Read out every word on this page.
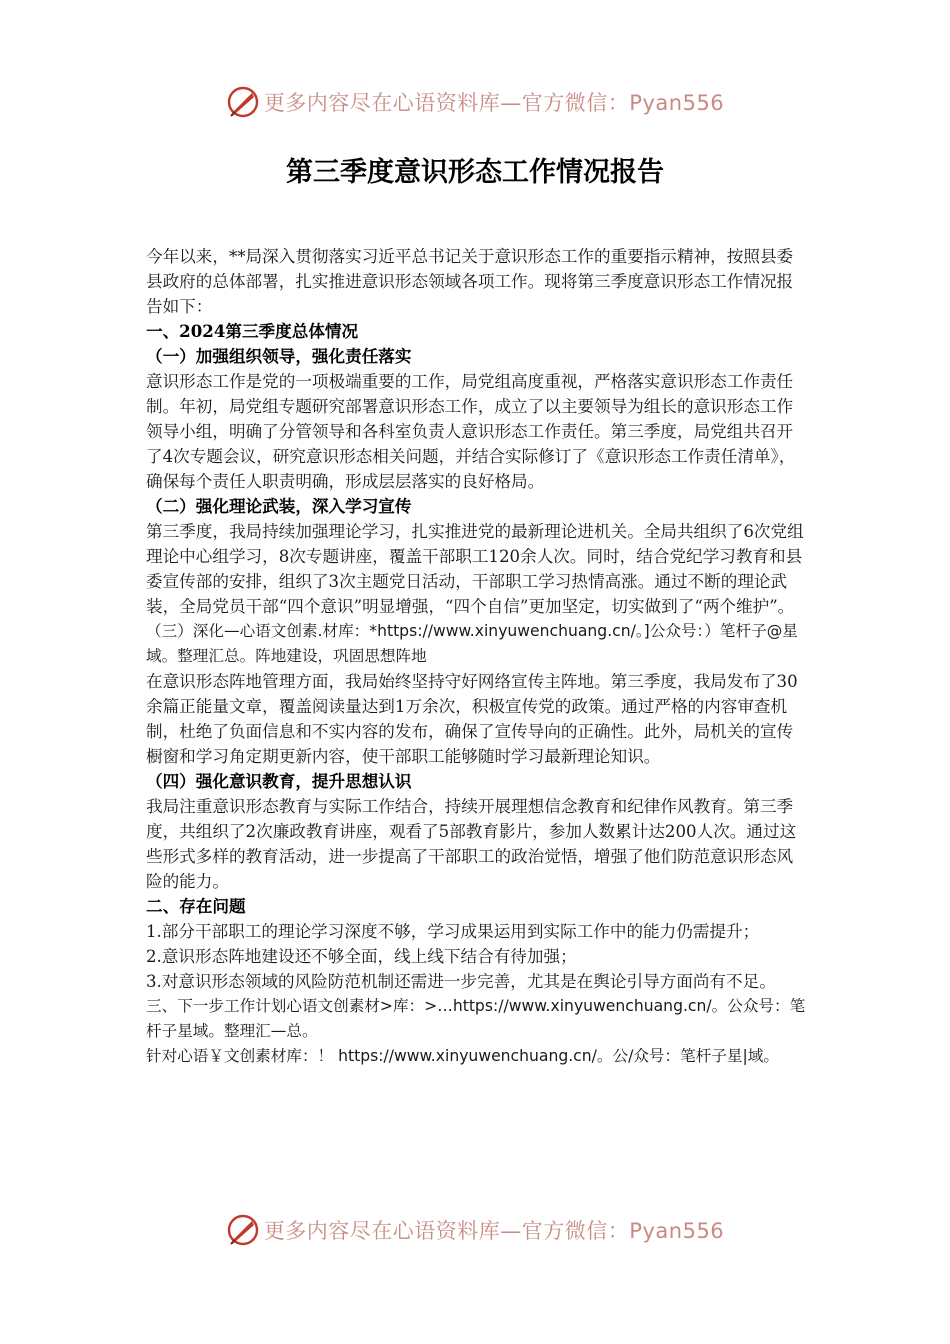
更多内容尽在心语资料库—官方微信：Pyan556
第三季度意识形态工作情况报告

今年以来，**局深入贯彻落实习近平总书记关于意识形态工作的重要指示精神，按照县委县政府的总体部署，扎实推进意识形态领域各项工作。现将第三季度意识形态工作情况报告如下：

一、2024第三季度总体情况

（一）加强组织领导，强化责任落实

意识形态工作是党的一项极端重要的工作，局党组高度重视，严格落实意识形态工作责任制。年初，局党组专题研究部署意识形态工作，成立了以主要领导为组长的意识形态工作领导小组，明确了分管领导和各科室负责人意识形态工作责任。第三季度，局党组共召开了4次专题会议，研究意识形态相关问题，并结合实际修订了《意识形态工作责任清单》，确保每个责任人职责明确，形成层层落实的良好格局。

（二）强化理论武装，深入学习宣传

第三季度，我局持续加强理论学习，扎实推进党的最新理论进机关。全局共组织了6次党组理论中心组学习，8次专题讲座，覆盖干部职工120余人次。同时，结合党纪学习教育和县委宣传部的安排，组织了3次主题党日活动，干部职工学习热情高涨。通过不断的理论武装，全局党员干部“四个意识”明显增强，“四个自信”更加坚定，切实做到了“两个维护”。

（三）深化—心语文创素.材库：*https://www.xinyuwenchuang.cn/。]公众号：）笔杆子@星域。整理汇总。阵地建设，巩固思想阵地

在意识形态阵地管理方面，我局始终坚持守好网络宣传主阵地。第三季度，我局发布了30余篇正能量文章，覆盖阅读量达到1万余次，积极宣传党的政策。通过严格的内容审查机制，杜绝了负面信息和不实内容的发布，确保了宣传导向的正确性。此外，局机关的宣传橱窗和学习角定期更新内容，使干部职工能够随时学习最新理论知识。

（四）强化意识教育，提升思想认识

我局注重意识形态教育与实际工作结合，持续开展理想信念教育和纪律作风教育。第三季度，共组织了2次廉政教育讲座，观看了5部教育影片，参加人数累计达200人次。通过这些形式多样的教育活动，进一步提高了干部职工的政治觉悟，增强了他们防范意识形态风险的能力。

二、存在问题

1.部分干部职工的理论学习深度不够，学习成果运用到实际工作中的能力仍需提升；

2.意识形态阵地建设还不够全面，线上线下结合有待加强；

3.对意识形态领域的风险防范机制还需进一步完善，尤其是在舆论引导方面尚有不足。

三、下一步工作计划心语文创素材>库：>…https://www.xinyuwenchuang.cn/。公众号：笔杆子星域。整理汇—总。

针对心语￥文创素材库：！ https://www.xinyuwenchuang.cn/。公/众号：笔杆子星|域。

更多内容尽在心语资料库—官方微信：Pyan556
